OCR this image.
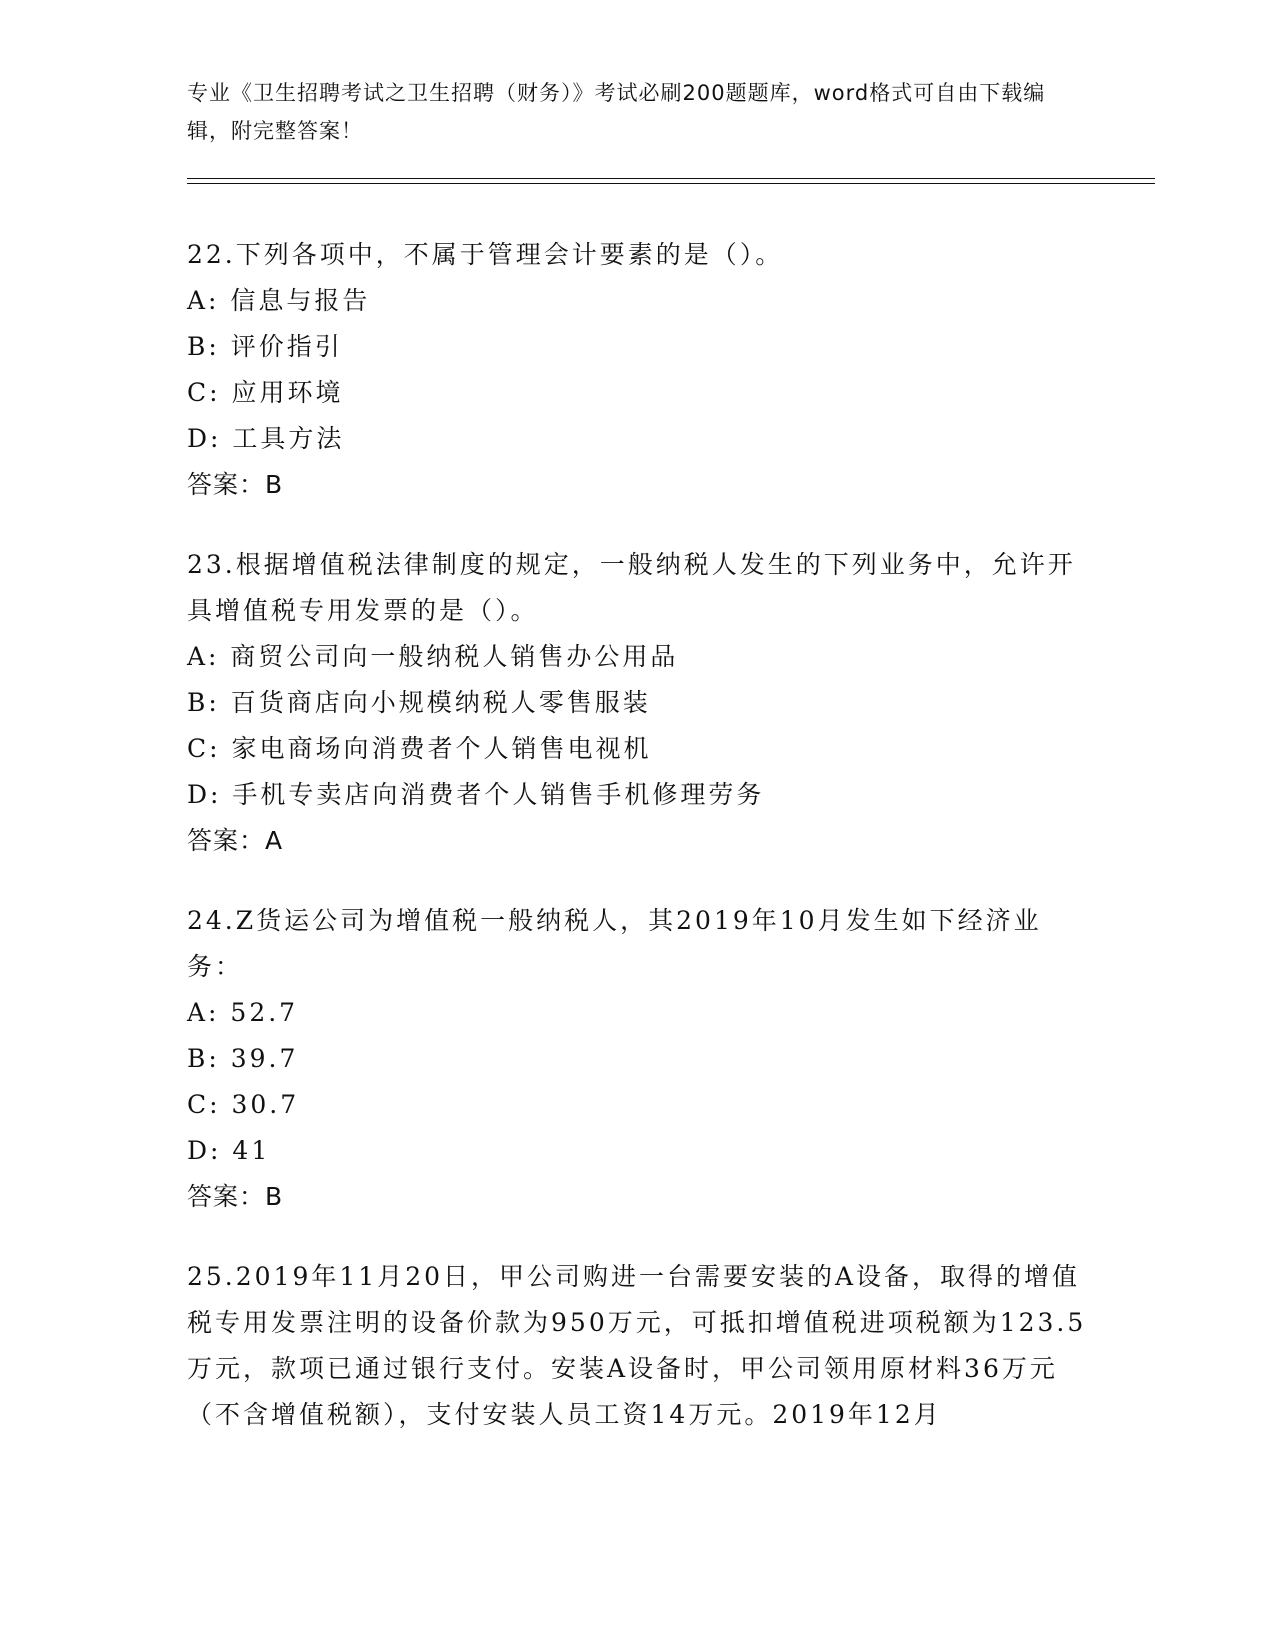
专业《卫生招聘考试之卫生招聘（财务）》考试必刷200题题库，word格式可自由下载编辑，附完整答案！

22.下列各项中，不属于管理会计要素的是（）。

A: 信息与报告

B: 评价指引

C: 应用环境

D: 工具方法

答案：B

23.根据增值税法律制度的规定，一般纳税人发生的下列业务中，允许开具增值税专用发票的是（）。

A: 商贸公司向一般纳税人销售办公用品

B: 百货商店向小规模纳税人零售服装

C: 家电商场向消费者个人销售电视机

D: 手机专卖店向消费者个人销售手机修理劳务

答案：A

24.Z货运公司为增值税一般纳税人，其2019年10月发生如下经济业务：

A: 52.7

B: 39.7

C: 30.7

D: 41

答案：B

25.2019年11月20日，甲公司购进一台需要安装的A设备，取得的增值税专用发票注明的设备价款为950万元，可抵扣增值税进项税额为123.5万元，款项已通过银行支付。安装A设备时，甲公司领用原材料36万元（不含增值税额），支付安装人员工资14万元。2019年12月
